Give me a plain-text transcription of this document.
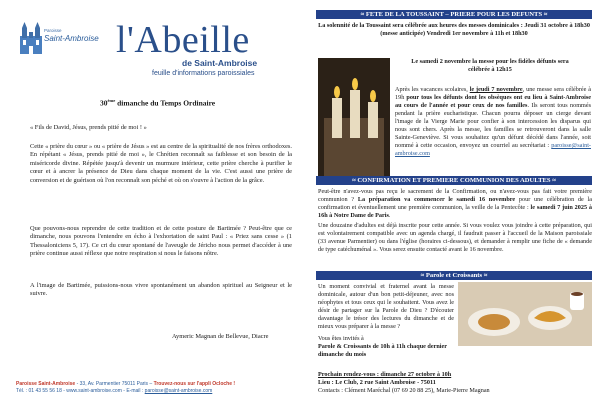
Paroisse
Saint-Ambroise l'Abeille
de Saint-Ambroise
feuille d'informations paroissiales
30ème dimanche du Temps Ordinaire
« Fils de David, Jésus, prends pitié de moi ! »
Cette « prière du cœur » ou « prière de Jésus » est au centre de la spiritualité de nos frères orthodoxes. En répétant « Jésus, prends pitié de moi », le Chrétien reconnaît sa faiblesse et son besoin de la miséricorde divine. Répétée jusqu'à devenir un murmure intérieur, cette prière cherche à purifier le cœur et à ancrer la présence de Dieu dans chaque moment de la vie. C'est aussi une prière de conversion et de guérison où l'on reconnaît son péché et où on s'ouvre à l'action de la grâce.
Que pouvons-nous reprendre de cette tradition et de cette posture de Bartimée ? Peut-être que ce dimanche, nous pouvons l'entendre en écho à l'exhortation de saint Paul : « Priez sans cesse » (1 Thessaloniciens 5, 17). Ce cri du cœur spontané de l'aveugle de Jéricho nous permet d'accéder à une prière continue aussi réflexe que notre respiration si nous le faisons nôtre.
A l'image de Bartimée, puissions-nous vivre spontanément un abandon spirituel au Seigneur et le suivre.
Aymeric Magnan de Bellevue, Diacre
Paroisse Saint-Ambroise - 33, Av. Parmentier 75011 Paris – Trouvez-nous sur l'appli Ocloche !
Tél. : 01 43 55 56 18 - www.saint-ambroise.com - E-mail : paroisse@saint-ambroise.com
≈ FETE DE LA TOUSSAINT – PRIERE POUR LES DEFUNTS ≈
La solennité de la Toussaint sera célébrée aux heures des messes dominicales : Jeudi 31 octobre à 18h30 (messe anticipée) Vendredi 1er novembre à 11h et 18h30
Le samedi 2 novembre la messe pour les fidèles défunts sera célébrée à 12h15
Après les vacances scolaires, le jeudi 7 novembre, une messe sera célébrée à 19h pour tous les défunts dont les obsèques ont eu lieu à Saint-Ambroise au cours de l'année et pour ceux de nos familles. Ils seront tous nommés pendant la prière eucharistique. Chacun pourra déposer un cierge devant l'image de la Vierge Marie pour confier à son intercession les disparus qui nous sont chers. Après la messe, les familles se retrouveront dans la salle Sainte-Geneviève. Si vous souhaitez qu'un défunt décédé dans l'année, soit nommé à cette occasion, envoyez un courriel au secrétariat : paroisse@saint-ambroise.com
≈ CONFIRMATION ET PREMIERE COMMUNION DES ADULTES ≈
Peut-être n'avez-vous pas reçu le sacrement de la Confirmation, ou n'avez-vous pas fait votre première communion ? La préparation va commencer le samedi 16 novembre pour une célébration de la confirmation et éventuellement une première communion, la veille de la Pentecôte : le samedi 7 juin 2025 à 16h à Notre Dame de Paris.
Une douzaine d'adultes est déjà inscrite pour cette année. Si vous voulez vous joindre à cette préparation, qui est volontairement compatible avec un agenda chargé, il faudrait passer à l'accueil de la Maison paroissiale (33 avenue Parmentier) ou dans l'église (horaires ci-dessous), et demander à remplir une fiche de « demande de type catéchuménal ». Vous serez ensuite contacté avant le 16 novembre.
≈ Parole et Croissants ≈
Un moment convivial et fraternel avant la messe dominicale, autour d'un bon petit-déjeuner, avec nos néophytes et tous ceux qui le souhaitent. Vous avez le désir de partager sur la Parole de Dieu ? D'écouter davantage le trésor des lectures du dimanche et de mieux vous préparer à la messe ?

Vous êtes invités à
Parole & Croissants de 10h à 11h chaque dernier dimanche du mois
Prochain rendez-vous : dimanche 27 octobre à 10h
Lieu : Le Club, 2 rue Saint Ambroise - 75011
Contacts : Clément Maréchal (07 69 20 88 25), Marie-Pierre Magnan
